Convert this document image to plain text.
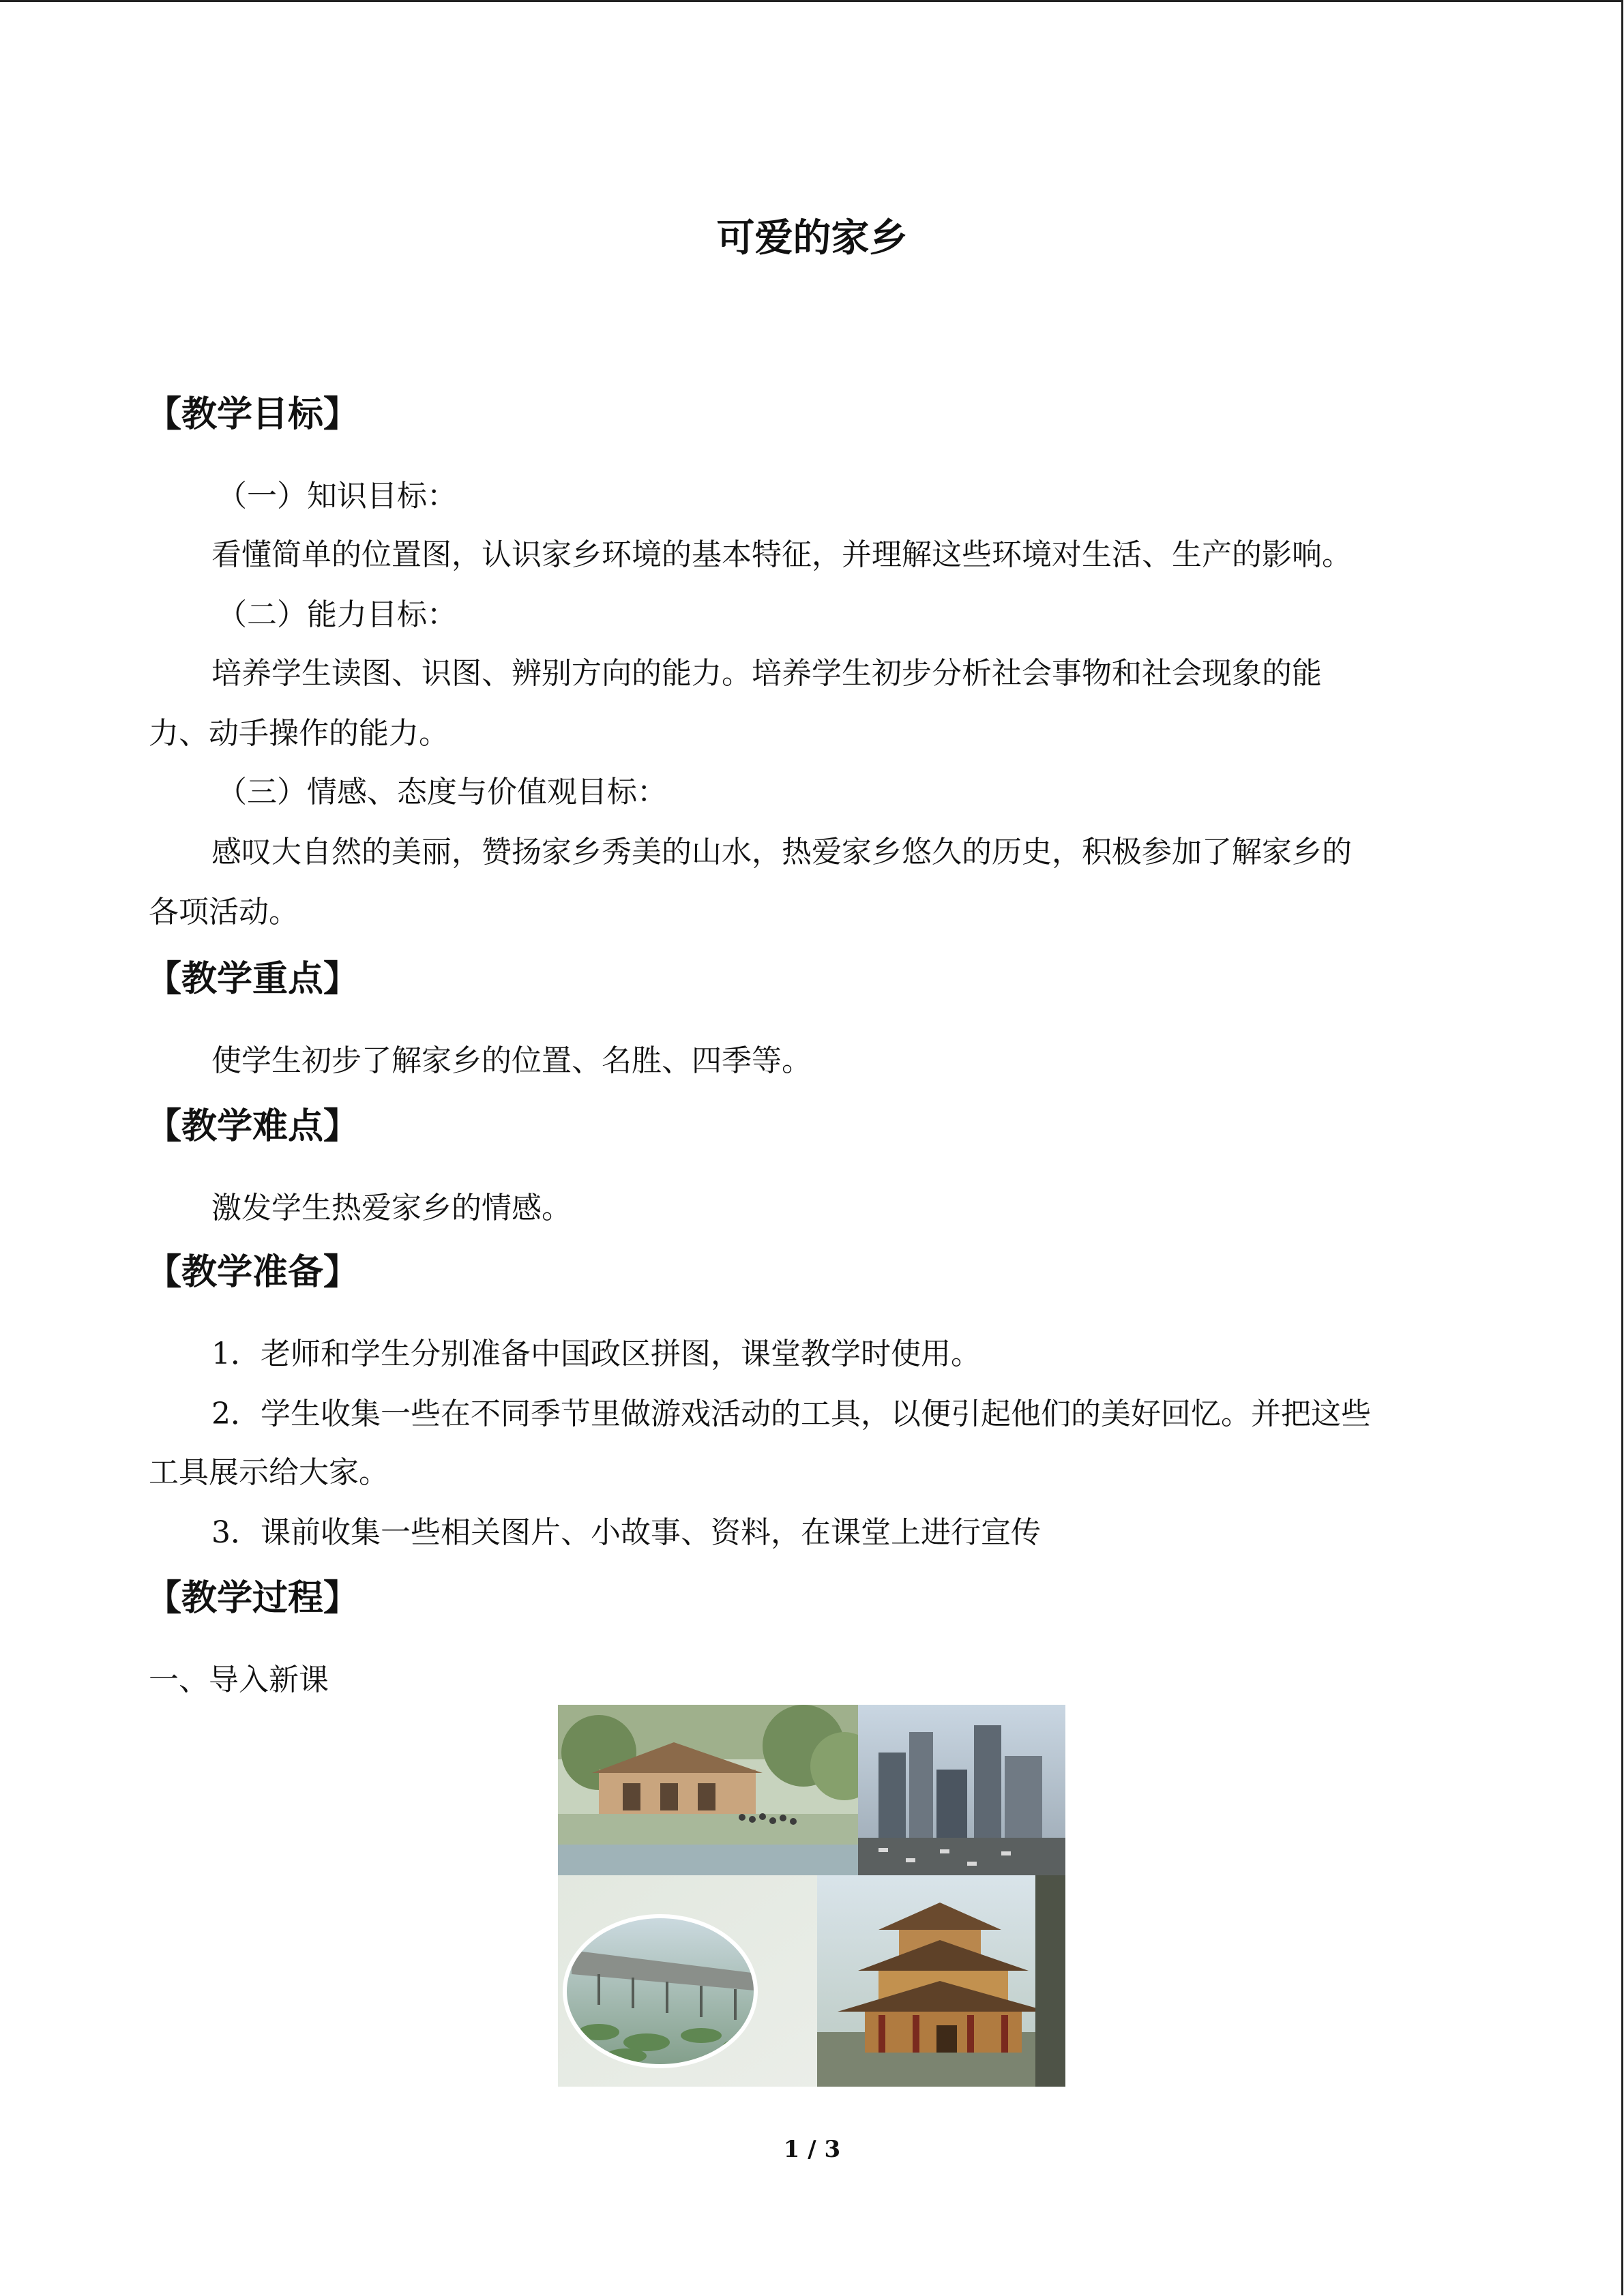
可爱的家乡
【教学目标】
（一）知识目标：
看懂简单的位置图，认识家乡环境的基本特征，并理解这些环境对生活、生产的影响。
（二）能力目标：
培养学生读图、识图、辨别方向的能力。培养学生初步分析社会事物和社会现象的能
力、动手操作的能力。
（三）情感、态度与价值观目标：
感叹大自然的美丽，赞扬家乡秀美的山水，热爱家乡悠久的历史，积极参加了解家乡的
各项活动。
【教学重点】
使学生初步了解家乡的位置、名胜、四季等。
【教学难点】
激发学生热爱家乡的情感。
【教学准备】
1．老师和学生分别准备中国政区拼图，课堂教学时使用。
2．学生收集一些在不同季节里做游戏活动的工具，以便引起他们的美好回忆。并把这些
工具展示给大家。
3．课前收集一些相关图片、小故事、资料，在课堂上进行宣传
【教学过程】
一、导入新课
1 / 3
